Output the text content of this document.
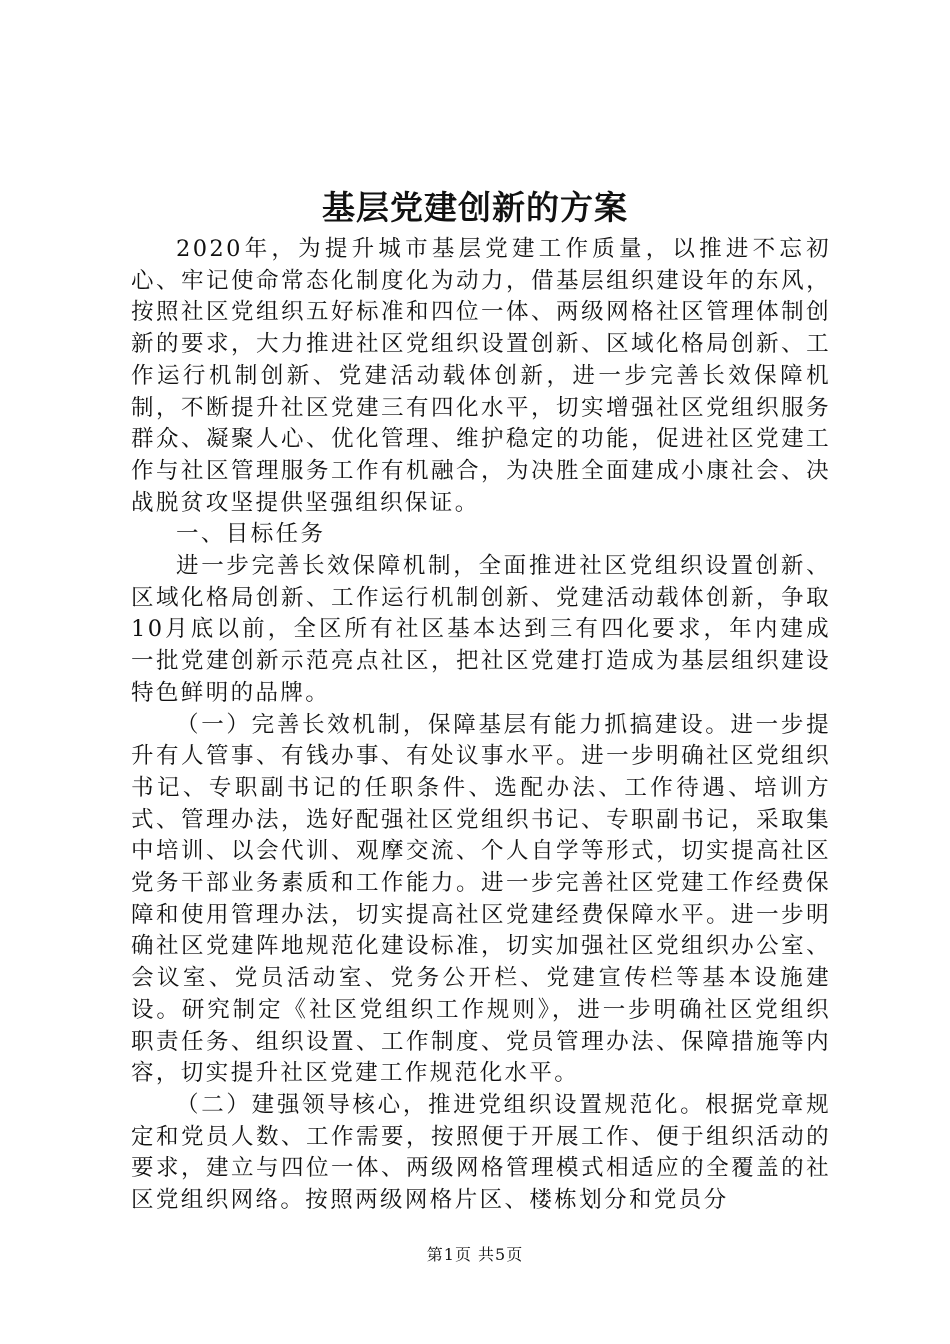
基层党建创新的方案

2020年，为提升城市基层党建工作质量，以推进不忘初心、牢记使命常态化制度化为动力，借基层组织建设年的东风，按照社区党组织五好标准和四位一体、两级网格社区管理体制创新的要求，大力推进社区党组织设置创新、区域化格局创新、工作运行机制创新、党建活动载体创新，进一步完善长效保障机制，不断提升社区党建三有四化水平，切实增强社区党组织服务群众、凝聚人心、优化管理、维护稳定的功能，促进社区党建工作与社区管理服务工作有机融合，为决胜全面建成小康社会、决战脱贫攻坚提供坚强组织保证。

一、目标任务

进一步完善长效保障机制，全面推进社区党组织设置创新、区域化格局创新、工作运行机制创新、党建活动载体创新，争取10月底以前，全区所有社区基本达到三有四化要求，年内建成一批党建创新示范亮点社区，把社区党建打造成为基层组织建设特色鲜明的品牌。

（一）完善长效机制，保障基层有能力抓搞建设。进一步提升有人管事、有钱办事、有处议事水平。进一步明确社区党组织书记、专职副书记的任职条件、选配办法、工作待遇、培训方式、管理办法，选好配强社区党组织书记、专职副书记，采取集中培训、以会代训、观摩交流、个人自学等形式，切实提高社区党务干部业务素质和工作能力。进一步完善社区党建工作经费保障和使用管理办法，切实提高社区党建经费保障水平。进一步明确社区党建阵地规范化建设标准，切实加强社区党组织办公室、会议室、党员活动室、党务公开栏、党建宣传栏等基本设施建设。研究制定《社区党组织工作规则》，进一步明确社区党组织职责任务、组织设置、工作制度、党员管理办法、保障措施等内容，切实提升社区党建工作规范化水平。

（二）建强领导核心，推进党组织设置规范化。根据党章规定和党员人数、工作需要，按照便于开展工作、便于组织活动的要求，建立与四位一体、两级网格管理模式相适应的全覆盖的社区党组织网络。按照两级网格片区、楼栋划分和党员分

第1页 共5页
